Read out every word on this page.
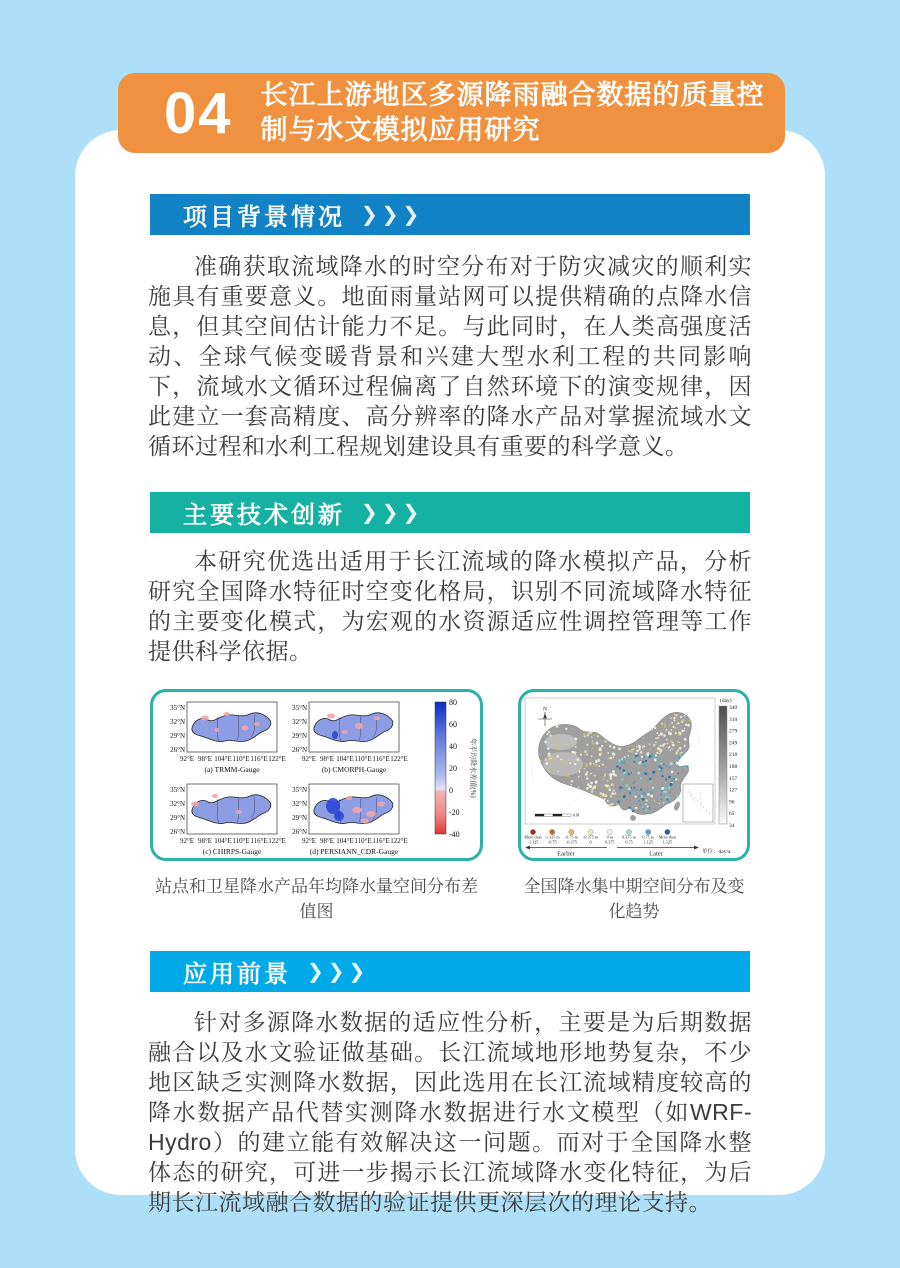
04 长江上游地区多源降雨融合数据的质量控
制与水文模拟应用研究
项目背景情况 ❯❯❯

准确获取流域降水的时空分布对于防灾减灾的顺利实施具有重要意义。地面雨量站网可以提供精确的点降水信息，但其空间估计能力不足。与此同时，在人类高强度活动、全球气候变暖背景和兴建大型水利工程的共同影响下，流域水文循环过程偏离了自然环境下的演变规律，因此建立一套高精度、高分辨率的降水产品对掌握流域水文循环过程和水利工程规划建设具有重要的科学意义。

主要技术创新 ❯❯❯

本研究优选出适用于长江流域的降水模拟产品，分析研究全国降水特征时空变化格局，识别不同流域降水特征的主要变化模式，为宏观的水资源适应性调控管理等工作提供科学依据。

35°N
32°N
29°N
26°N
92°E 98°E 104°E 110°E 116°E 122°E
(a) TRMM-Gauge
35°N
32°N
29°N
26°N
92°E 98°E 104°E 110°E 116°E 122°E
(b) CMORPH-Gauge
35°N
32°N
29°N
26°N
92°E 98°E 104°E 110°E 116°E 122°E
(c) CHIRPS-Gauge
35°N
32°N
29°N
26°N
92°E 98°E 104°E 110°E 116°E 122°E
(d) PERSIANN_CDR-Gauge
80
60
40
20
0
-20
-40
年平均降水差值(%)
N
KM
(day)
340
310
279
249
218
188
157
127
96
65
34
More than
-1.125
-1.125 to
-0.75
-0.75 to
-0.375
-0.375 to
0
0 to
0.375
0.375 to
0.75
0.75 to
1.125
More than
1.125
Earlier	Later	单位：day/a
站点和卫星降水产品年均降水量空间分布差值图
全国降水集中期空间分布及变化趋势
应用前景 ❯❯❯

针对多源降水数据的适应性分析，主要是为后期数据融合以及水文验证做基础。长江流域地形地势复杂，不少地区缺乏实测降水数据，因此选用在长江流域精度较高的降水数据产品代替实测降水数据进行水文模型（如WRF-Hydro）的建立能有效解决这一问题。而对于全国降水整体态的研究，可进一步揭示长江流域降水变化特征，为后期长江流域融合数据的验证提供更深层次的理论支持。
